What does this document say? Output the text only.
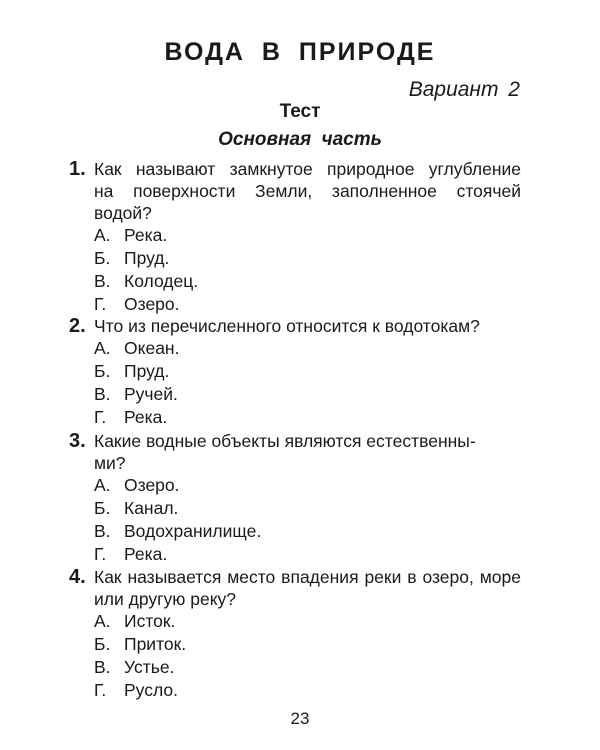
ВОДА В ПРИРОДЕ
Вариант 2
Тест
Основная часть
1. Как называют замкнутое природное углубление на поверхности Земли, заполненное стоячей водой?
А. Река.
Б. Пруд.
В. Колодец.
Г. Озеро.
2. Что из перечисленного относится к водотокам?
А. Океан.
Б. Пруд.
В. Ручей.
Г. Река.
3. Какие водные объекты являются естественны-
ми?
А. Озеро.
Б. Канал.
В. Водохранилище.
Г. Река.
4. Как называется место впадения реки в озеро, море или другую реку?
А. Исток.
Б. Приток.
В. Устье.
Г. Русло.
23
